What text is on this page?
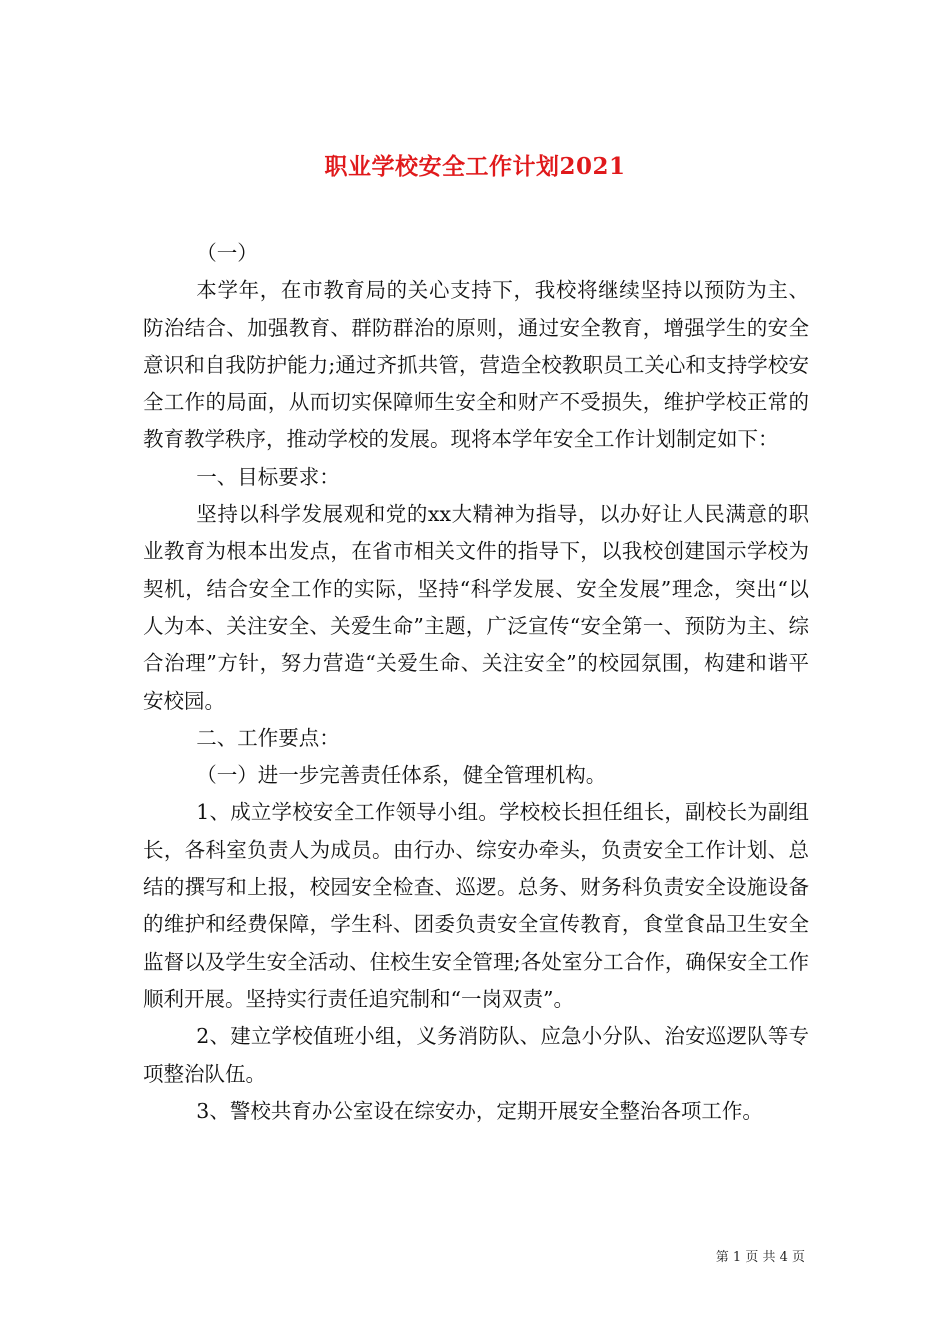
职业学校安全工作计划2021

（一）

本学年，在市教育局的关心支持下，我校将继续坚持以预防为主、防治结合、加强教育、群防群治的原则，通过安全教育，增强学生的安全意识和自我防护能力;通过齐抓共管，营造全校教职员工关心和支持学校安全工作的局面，从而切实保障师生安全和财产不受损失，维护学校正常的教育教学秩序，推动学校的发展。现将本学年安全工作计划制定如下：

一、目标要求：

坚持以科学发展观和党的xx大精神为指导，以办好让人民满意的职业教育为根本出发点，在省市相关文件的指导下，以我校创建国示学校为契机，结合安全工作的实际，坚持“科学发展、安全发展”理念，突出“以人为本、关注安全、关爱生命”主题，广泛宣传“安全第一、预防为主、综合治理”方针，努力营造“关爱生命、关注安全”的校园氛围，构建和谐平安校园。

二、工作要点：

（一）进一步完善责任体系，健全管理机构。

1、成立学校安全工作领导小组。学校校长担任组长，副校长为副组长，各科室负责人为成员。由行办、综安办牵头，负责安全工作计划、总结的撰写和上报，校园安全检查、巡逻。总务、财务科负责安全设施设备的维护和经费保障，学生科、团委负责安全宣传教育，食堂食品卫生安全监督以及学生安全活动、住校生安全管理;各处室分工合作，确保安全工作顺利开展。坚持实行责任追究制和“一岗双责”。

2、建立学校值班小组，义务消防队、应急小分队、治安巡逻队等专项整治队伍。

3、警校共育办公室设在综安办，定期开展安全整治各项工作。

第 1 页 共 4 页
